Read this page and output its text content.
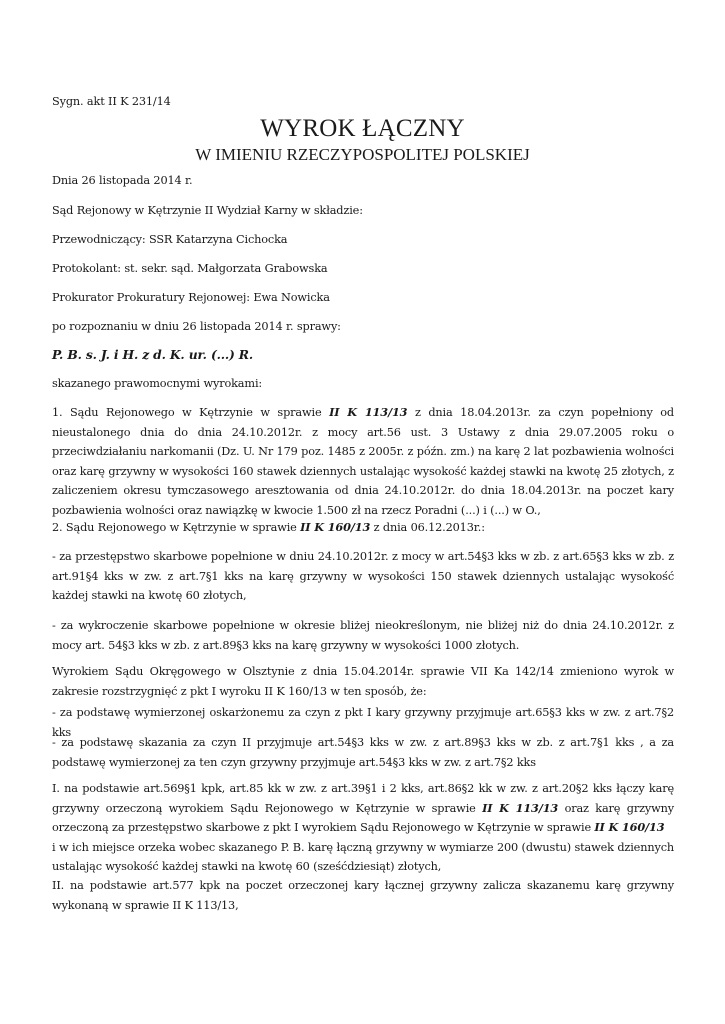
Sygn. akt II K 231/14

WYROK ŁĄCZNY
W IMIENIU RZECZYPOSPOLITEJ POLSKIEJ

Dnia 26 listopada 2014 r.

Sąd Rejonowy w Kętrzynie II Wydział Karny w składzie:

Przewodniczący: SSR Katarzyna Cichocka

Protokolant: st. sekr. sąd. Małgorzata Grabowska

Prokurator Prokuratury Rejonowej: Ewa Nowicka

po rozpoznaniu w dniu 26 listopada 2014 r. sprawy:

P. B. s. J. i H. z d. K. ur. (...) R.

skazanego prawomocnymi wyrokami:

1. Sądu Rejonowego w Kętrzynie w sprawie II K 113/13 z dnia 18.04.2013r. za czyn popełniony od nieustalonego dnia do dnia 24.10.2012r. z mocy art.56 ust. 3 Ustawy z dnia 29.07.2005 roku o przeciwdziałaniu narkomanii (Dz. U. Nr 179 poz. 1485 z 2005r. z późn. zm.) na karę 2 lat pozbawienia wolności oraz karę grzywny w wysokości 160 stawek dziennych ustalając wysokość każdej stawki na kwotę 25 złotych, z zaliczeniem okresu tymczasowego aresztowania od dnia 24.10.2012r. do dnia 18.04.2013r. na poczet kary pozbawienia wolności oraz nawiązkę w kwocie 1.500 zł na rzecz Poradni (...) i (...) w O.,

2. Sądu Rejonowego w Kętrzynie w sprawie II K 160/13 z dnia 06.12.2013r.:

- za przestępstwo skarbowe popełnione w dniu 24.10.2012r. z mocy w art.54§3 kks w zb. z art.65§3 kks w zb. z art.91§4 kks w zw. z art.7§1 kks na karę grzywny w wysokości 150 stawek dziennych ustalając wysokość każdej stawki na kwotę 60 złotych,

- za wykroczenie skarbowe popełnione w okresie bliżej nieokreślonym, nie bliżej niż do dnia 24.10.2012r. z mocy art. 54§3 kks w zb. z art.89§3 kks na karę grzywny w wysokości 1000 złotych.

Wyrokiem Sądu Okręgowego w Olsztynie z dnia 15.04.2014r. sprawie VII Ka 142/14 zmieniono wyrok w zakresie rozstrzygnięć z pkt I wyroku II K 160/13 w ten sposób, że:

- za podstawę wymierzonej oskarżonemu za czyn z pkt I kary grzywny przyjmuje art.65§3 kks w zw. z art.7§2 kks

- za podstawę skazania za czyn II przyjmuje art.54§3 kks w zw. z art.89§3 kks w zb. z art.7§1 kks , a za podstawę wymierzonej za ten czyn grzywny przyjmuje art.54§3 kks w zw. z art.7§2 kks

I. na podstawie art.569§1 kpk, art.85 kk w zw. z art.39§1 i 2 kks, art.86§2 kk w zw. z art.20§2 kks łączy karę grzywny orzeczoną wyrokiem Sądu Rejonowego w Kętrzynie w sprawie II K 113/13 oraz karę grzywny orzeczoną za przestępstwo skarbowe z pkt I wyrokiem Sądu Rejonowego w Kętrzynie w sprawie II K 160/13
i w ich miejsce orzeka wobec skazanego P. B. karę łączną grzywny w wymiarze 200 (dwustu) stawek dziennych ustalając wysokość każdej stawki na kwotę 60 (sześćdziesiąt) złotych,

II. na podstawie art.577 kpk na poczet orzeczonej kary łącznej grzywny zalicza skazanemu karę grzywny wykonaną w sprawie II K 113/13,
